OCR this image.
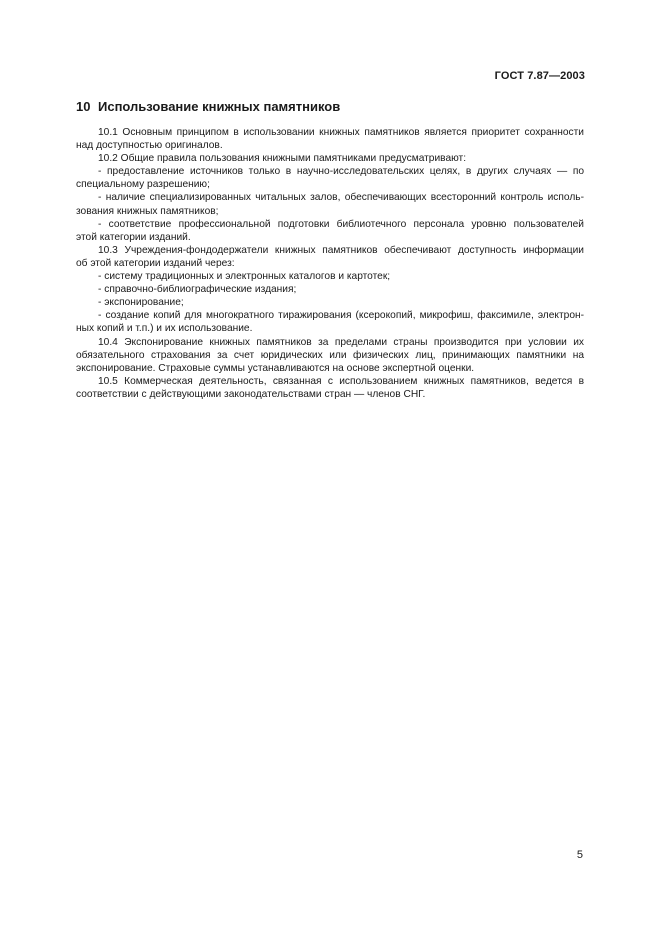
ГОСТ 7.87—2003
10 Использование книжных памятников
10.1 Основным принципом в использовании книжных памятников является приоритет сохранности
над доступностью оригиналов.
10.2 Общие правила пользования книжными памятниками предусматривают:
- предоставление источников только в научно-исследовательских целях, в других случаях — по
специальному разрешению;
- наличие специализированных читальных залов, обеспечивающих всесторонний контроль исполь-
зования книжных памятников;
- соответствие профессиональной подготовки библиотечного персонала уровню пользователей
этой категории изданий.
10.3 Учреждения-фондодержатели книжных памятников обеспечивают доступность информации
об этой категории изданий через:
- систему традиционных и электронных каталогов и картотек;
- справочно-библиографические издания;
- экспонирование;
- создание копий для многократного тиражирования (ксерокопий, микрофиш, факсимиле, электрон-
ных копий и т.п.) и их использование.
10.4 Экспонирование книжных памятников за пределами страны производится при условии их
обязательного страхования за счет юридических или физических лиц, принимающих памятники на
экспонирование. Страховые суммы устанавливаются на основе экспертной оценки.
10.5 Коммерческая деятельность, связанная с использованием книжных памятников, ведется в
соответствии с действующими законодательствами стран — членов СНГ.
5
